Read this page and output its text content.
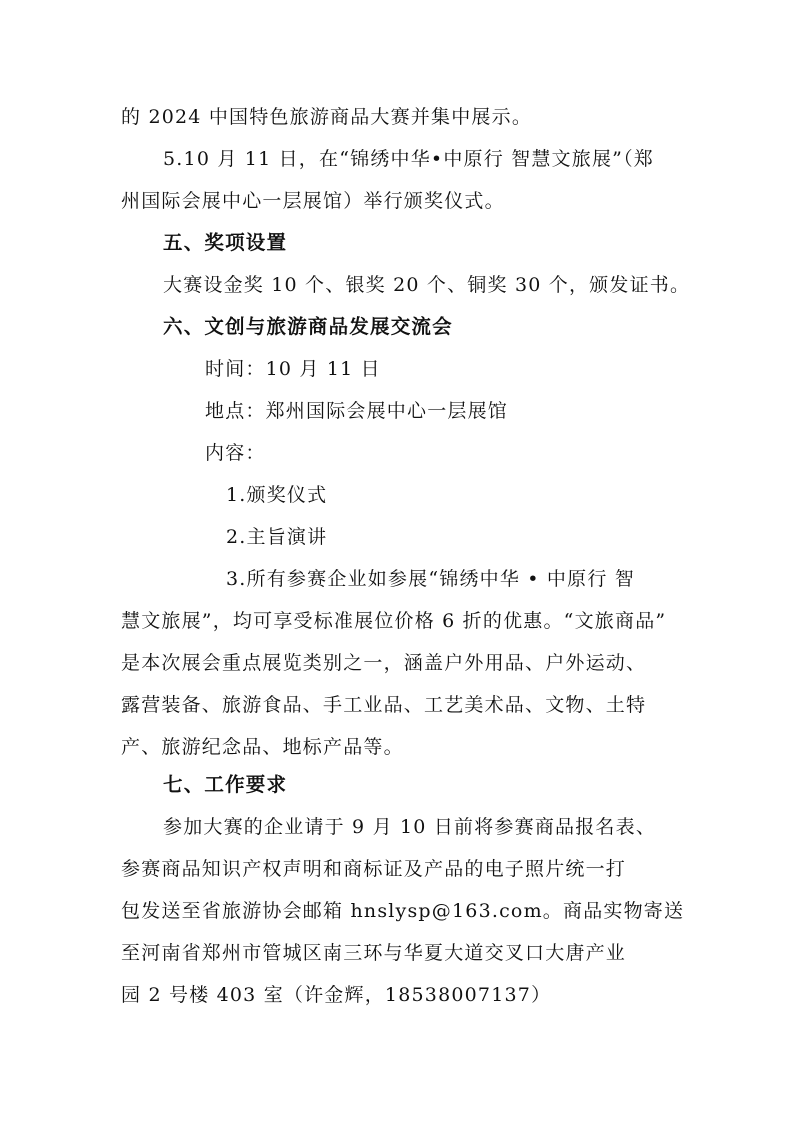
的 2024 中国特色旅游商品大赛并集中展示。
5.10 月 11 日，在“锦绣中华•中原行 智慧文旅展”（郑
州国际会展中心一层展馆）举行颁奖仪式。
五、奖项设置
大赛设金奖 10 个、银奖 20 个、铜奖 30 个，颁发证书。
六、文创与旅游商品发展交流会
时间：10 月 11 日
地点：郑州国际会展中心一层展馆
内容：
1.颁奖仪式
2.主旨演讲
3.所有参赛企业如参展“锦绣中华 • 中原行 智
慧文旅展”，均可享受标准展位价格 6 折的优惠。“文旅商品”
是本次展会重点展览类别之一，涵盖户外用品、户外运动、
露营装备、旅游食品、手工业品、工艺美术品、文物、土特
产、旅游纪念品、地标产品等。
七、工作要求
参加大赛的企业请于 9 月 10 日前将参赛商品报名表、
参赛商品知识产权声明和商标证及产品的电子照片统一打
包发送至省旅游协会邮箱 hnslysp@163.com。商品实物寄送
至河南省郑州市管城区南三环与华夏大道交叉口大唐产业
园 2 号楼 403 室（许金辉，18538007137）
